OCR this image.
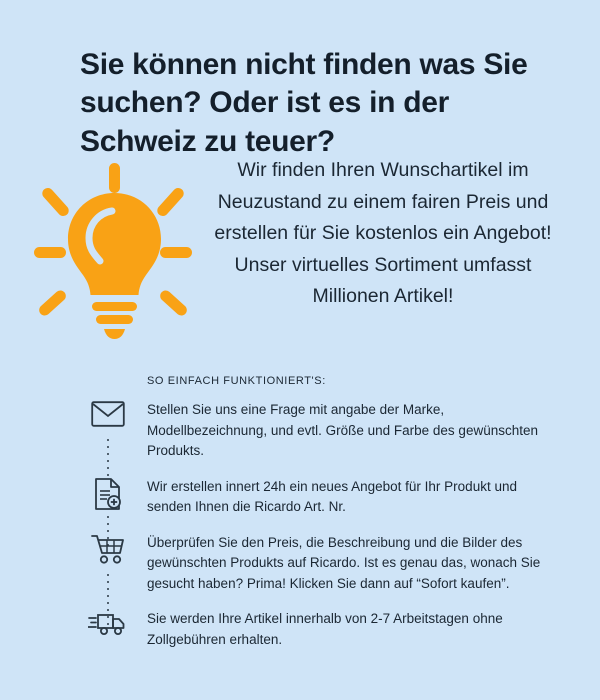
Sie können nicht finden was Sie suchen? Oder ist es in der Schweiz zu teuer?
Wir finden Ihren Wunschartikel im Neuzustand zu einem fairen Preis und erstellen für Sie kostenlos ein Angebot! Unser virtuelles Sortiment umfasst Millionen Artikel!
SO EINFACH FUNKTIONIERT'S:
Stellen Sie uns eine Frage mit angabe der Marke, Modellbezeichnung, und evtl. Größe und Farbe des gewünschten Produkts.
Wir erstellen innert 24h ein neues Angebot für Ihr Produkt und senden Ihnen die Ricardo Art. Nr.
Überprüfen Sie den Preis, die Beschreibung und die Bilder des gewünschten Produkts auf Ricardo. Ist es genau das, wonach Sie gesucht haben? Prima! Klicken Sie dann auf “Sofort kaufen”.
Sie werden Ihre Artikel innerhalb von 2-7 Arbeitstagen ohne Zollgebühren erhalten.
